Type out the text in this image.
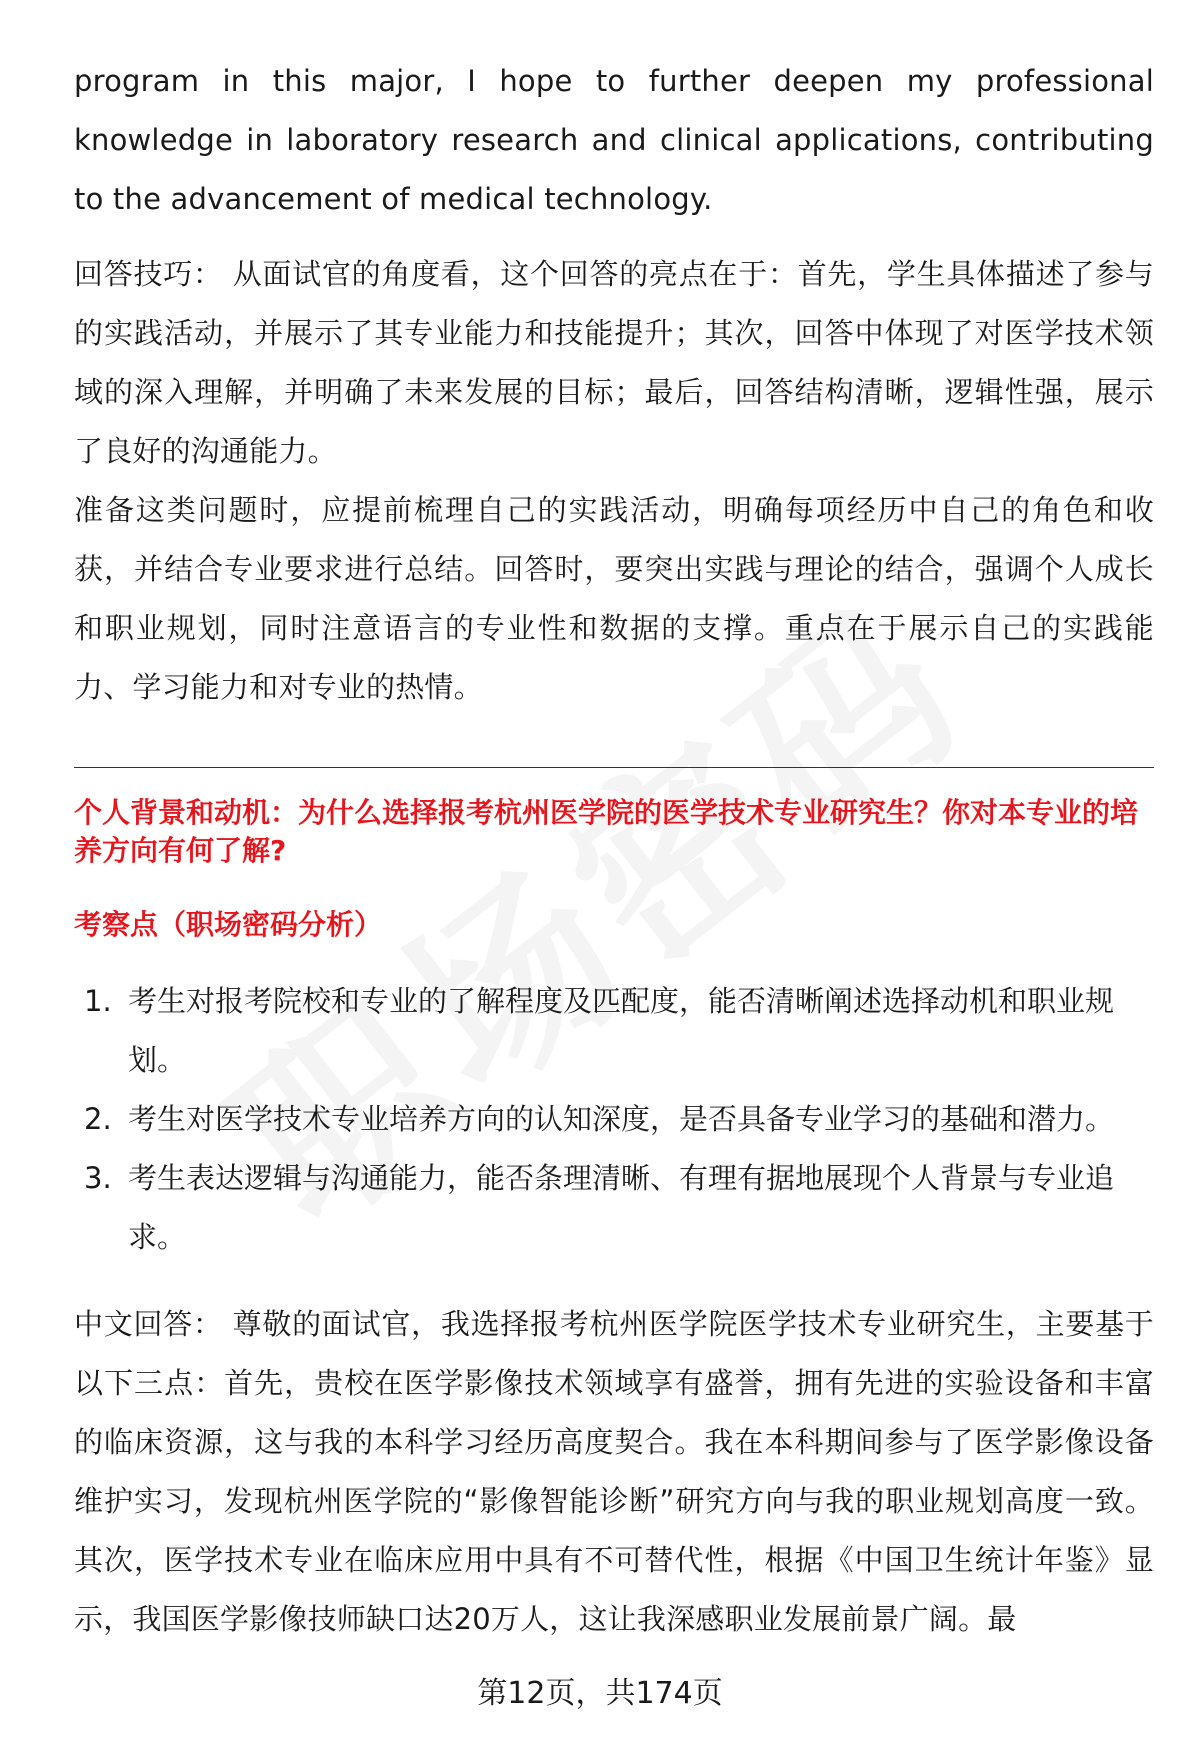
program in this major, I hope to further deepen my professional knowledge in laboratory research and clinical applications, contributing to the advancement of medical technology.

回答技巧： 从面试官的角度看，这个回答的亮点在于：首先，学生具体描述了参与的实践活动，并展示了其专业能力和技能提升；其次，回答中体现了对医学技术领域的深入理解，并明确了未来发展的目标；最后，回答结构清晰，逻辑性强，展示了良好的沟通能力。

准备这类问题时，应提前梳理自己的实践活动，明确每项经历中自己的角色和收获，并结合专业要求进行总结。回答时，要突出实践与理论的结合，强调个人成长和职业规划，同时注意语言的专业性和数据的支撑。重点在于展示自己的实践能力、学习能力和对专业的热情。

个人背景和动机：为什么选择报考杭州医学院的医学技术专业研究生？你对本专业的培养方向有何了解?

考察点（职场密码分析）

1. 考生对报考院校和专业的了解程度及匹配度，能否清晰阐述选择动机和职业规划。
2. 考生对医学技术专业培养方向的认知深度，是否具备专业学习的基础和潜力。
3. 考生表达逻辑与沟通能力，能否条理清晰、有理有据地展现个人背景与专业追求。

中文回答： 尊敬的面试官，我选择报考杭州医学院医学技术专业研究生，主要基于以下三点：首先，贵校在医学影像技术领域享有盛誉，拥有先进的实验设备和丰富的临床资源，这与我的本科学习经历高度契合。我在本科期间参与了医学影像设备维护实习，发现杭州医学院的“影像智能诊断”研究方向与我的职业规划高度一致。其次，医学技术专业在临床应用中具有不可替代性，根据《中国卫生统计年鉴》显示，我国医学影像技师缺口达20万人，这让我深感职业发展前景广阔。最

第12页，共174页
